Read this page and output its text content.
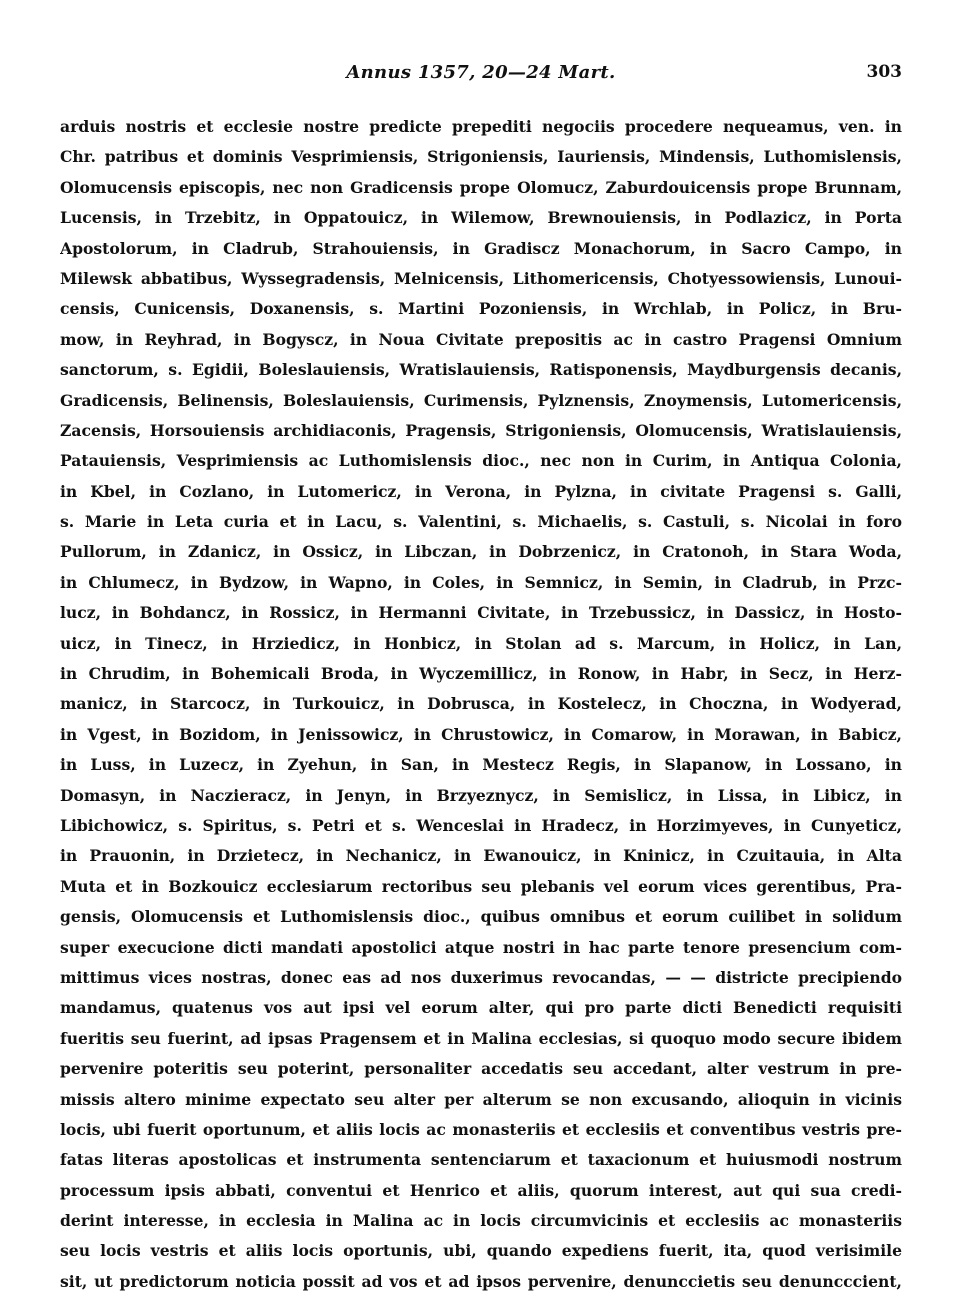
Annus 1357, 20—24 Mart.	303
arduis nostris et ecclesie nostre predicte prepediti negociis procedere nequeamus, ven. in
Chr. patribus et dominis Vesprimiensis, Strigoniensis, Iauriensis, Mindensis, Luthomislensis,
Olomucensis episcopis, nec non Gradicensis prope Olomucz, Zaburdouicensis prope Brunnam,
Lucensis, in Trzebitz, in Oppatouicz, in Wilemow, Brewnouiensis, in Podlazicz, in Porta
Apostolorum, in Cladrub, Strahouiensis, in Gradiscz Monachorum, in Sacro Campo, in
Milewsk abbatibus, Wyssegradensis, Melnicensis, Lithomericensis, Chotyessowiensis, Lunoui-
censis, Cunicensis, Doxanensis, s. Martini Pozoniensis, in Wrchlab, in Policz, in Bru-
mow, in Reyhrad, in Bogyscz, in Noua Civitate prepositis ac in castro Pragensi Omnium
sanctorum, s. Egidii, Boleslauiensis, Wratislauiensis, Ratisponensis, Maydburgensis decanis,
Gradicensis, Belinensis, Boleslauiensis, Curimensis, Pylznensis, Znoymensis, Lutomericensis,
Zacensis, Horsouiensis archidiaconis, Pragensis, Strigoniensis, Olomucensis, Wratislauiensis,
Patauiensis, Vesprimiensis ac Luthomislensis dioc., nec non in Curim, in Antiqua Colonia,
in Kbel, in Cozlano, in Lutomericz, in Verona, in Pylzna, in civitate Pragensi s. Galli,
s. Marie in Leta curia et in Lacu, s. Valentini, s. Michaelis, s. Castuli, s. Nicolai in foro
Pullorum, in Zdanicz, in Ossicz, in Libczan, in Dobrzenicz, in Cratonoh, in Stara Woda,
in Chlumecz, in Bydzow, in Wapno, in Coles, in Semnicz, in Semin, in Cladrub, in Przc-
lucz, in Bohdancz, in Rossicz, in Hermanni Civitate, in Trzebussicz, in Dassicz, in Hosto-
uicz, in Tinecz, in Hrziedicz, in Honbicz, in Stolan ad s. Marcum, in Holicz, in Lan,
in Chrudim, in Bohemicali Broda, in Wyczemillicz, in Ronow, in Habr, in Secz, in Herz-
manicz, in Starcocz, in Turkouicz, in Dobrusca, in Kostelecz, in Choczna, in Wodyerad,
in Vgest, in Bozidom, in Jenissowicz, in Chrustowicz, in Comarow, in Morawan, in Babicz,
in Luss, in Luzecz, in Zyehun, in San, in Mestecz Regis, in Slapanow, in Lossano, in
Domasyn, in Naczieracz, in Jenyn, in Brzyeznycz, in Semislicz, in Lissa, in Libicz, in
Libichowicz, s. Spiritus, s. Petri et s. Wenceslai in Hradecz, in Horzimyeves, in Cunyeticz,
in Prauonin, in Drzietecz, in Nechanicz, in Ewanouicz, in Kninicz, in Czuitauia, in Alta
Muta et in Bozkouicz ecclesiarum rectoribus seu plebanis vel eorum vices gerentibus, Pra-
gensis, Olomucensis et Luthomislensis dioc., quibus omnibus et eorum cuilibet in solidum
super execucione dicti mandati apostolici atque nostri in hac parte tenore presencium com-
mittimus vices nostras, donec eas ad nos duxerimus revocandas, — — districte precipiendo
mandamus, quatenus vos aut ipsi vel eorum alter, qui pro parte dicti Benedicti requisiti
fueritis seu fuerint, ad ipsas Pragensem et in Malina ecclesias, si quoquo modo secure ibidem
pervenire poteritis seu poterint, personaliter accedatis seu accedant, alter vestrum in pre-
missis altero minime expectato seu alter per alterum se non excusando, alioquin in vicinis
locis, ubi fuerit oportunum, et aliis locis ac monasteriis et ecclesiis et conventibus vestris pre-
fatas literas apostolicas et instrumenta sentenciarum et taxacionum et huiusmodi nostrum
processum ipsis abbati, conventui et Henrico et aliis, quorum interest, aut qui sua credi-
derint interesse, in ecclesia in Malina ac in locis circumvicinis et ecclesiis ac monasteriis
seu locis vestris et aliis locis oportunis, ubi, quando expediens fuerit, ita, quod verisimile
sit, ut predictorum noticia possit ad vos et ad ipsos pervenire, denunccietis seu denuncccient,
